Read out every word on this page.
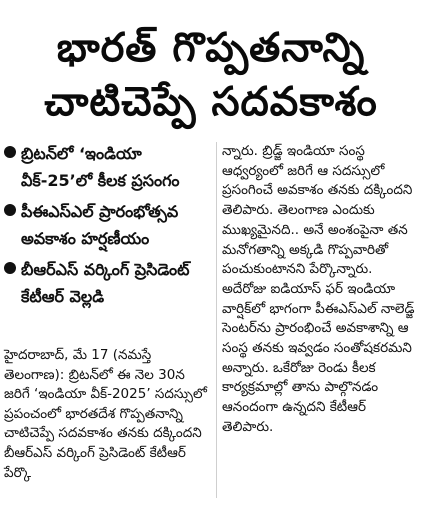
భారత్ గొప్పతనాన్ని
చాటిచెప్పే సదవకాశం
బ్రిటన్‌లో ‘ఇండియా వీక్-25’లో కీలక ప్రసంగం
పీఈఎస్ఎల్ ప్రారంభోత్సవ అవకాశం హర్షణీయం
బీఆర్ఎస్ వర్కింగ్ ప్రెసిడెంట్ కేటీఆర్ వెల్లడి

హైదరాబాద్, మే 17 (నమస్తే తెలంగాణ): బ్రిటన్‌లో ఈ నెల 30న జరిగే ‘ఇండియా వీక్-2025’ సదస్సులో ప్రపంచంలో భారతదేశ గొప్పతనాన్ని చాటిచెప్పే సదవకాశం తనకు దక్కిందని బీఆర్ఎస్ వర్కింగ్ ప్రెసిడెంట్ కేటీఆర్ పేర్కొ

న్నారు. బ్రిడ్జ్ ఇండియా సంస్థ ఆధ్వర్యంలో జరిగే ఆ సదస్సులో ప్రసంగించే అవకాశం తనకు దక్కిందని తెలిపారు. తెలంగాణ ఎందుకు ముఖ్యమైనది.. అనే అంశంపైనా తన మనోగతాన్ని అక్కడి గొప్పవారితో పంచుకుంటానని పేర్కొన్నారు. అదేరోజు ఐడియాస్ ఫర్ ఇండియా వార్షిక్‌లో భాగంగా పీఈఎస్ఎల్ నాలెడ్జ్ సెంటర్‌ను ప్రారంభించే అవకాశాన్ని ఆ సంస్థ తనకు ఇవ్వడం సంతోషకరమని అన్నారు. ఒకేరోజు రెండు కీలక కార్యక్రమాల్లో తాను పాల్గొనడం ఆనందంగా ఉన్నదని కేటీఆర్ తెలిపారు.
